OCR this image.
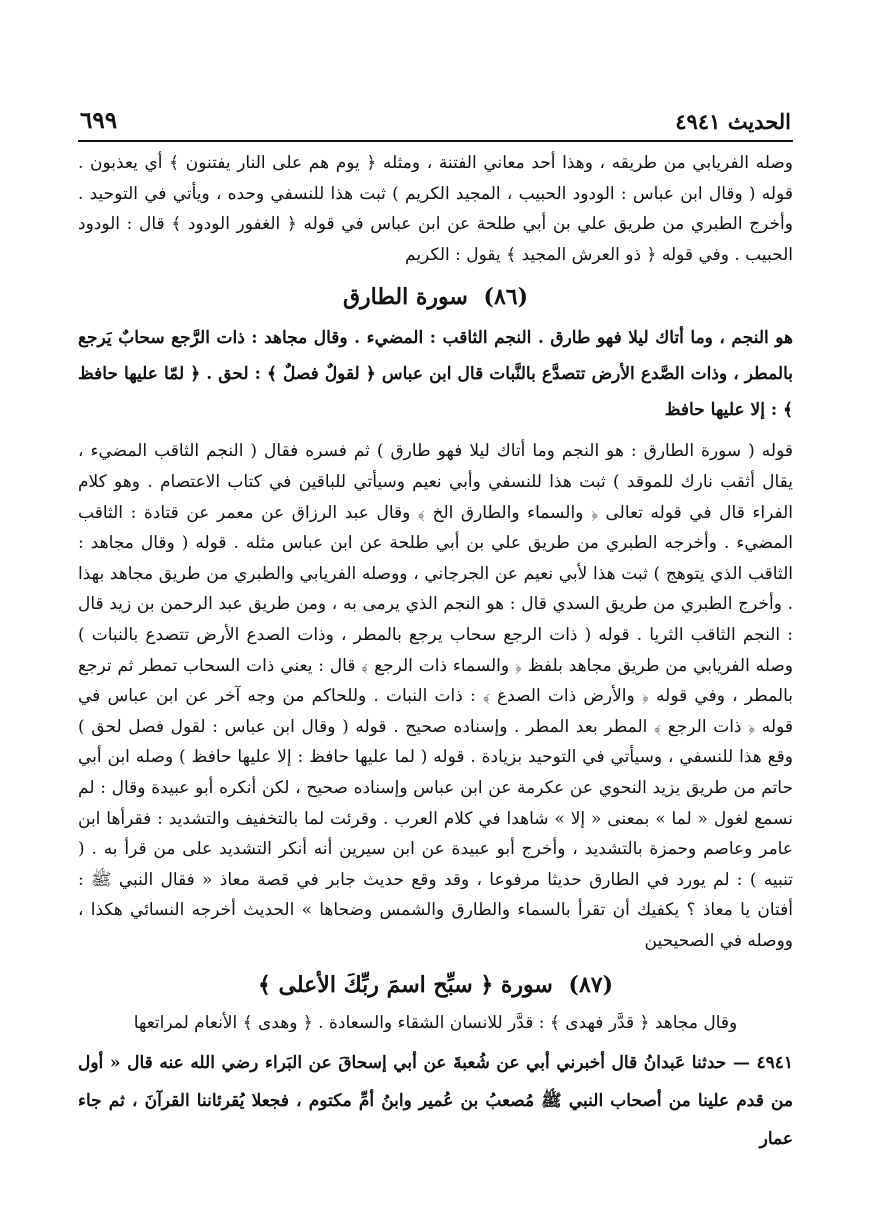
الحديث ٤٩٤١
٦٩٩

وصله الفريابي من طريقه ، وهذا أحد معاني الفتنة ، ومثله ﴿ يوم هم على النار يفتنون ﴾ أي يعذبون . قوله ( وقال ابن عباس : الودود الحبيب ، المجيد الكريم ) ثبت هذا للنسفي وحده ، ويأتي في التوحيد . وأخرج الطبري من طريق علي بن أبي طلحة عن ابن عباس في قوله ﴿ الغفور الودود ﴾ قال : الودود الحبيب . وفي قوله ﴿ ذو العرش المجيد ﴾ يقول : الكريم

(٨٦) سورة الطارق

هو النجم ، وما أتاك ليلا فهو طارق . النجم الثاقب : المضيء . وقال مجاهد : ذات الرَّجع سحابٌ يَرجع بالمطر ، وذات الصَّدع الأرض تتصدَّع بالنَّبات قال ابن عباس ﴿ لقولٌ فصلٌ ﴾ : لحق . ﴿ لمّا عليها حافظ ﴾ : إلا عليها حافظ

قوله ( سورة الطارق : هو النجم وما أتاك ليلا فهو طارق ) ثم فسره فقال ( النجم الثاقب المضيء ، يقال أثقب نارك للموقد ) ثبت هذا للنسفي وأبي نعيم وسيأتي للباقين في كتاب الاعتصام . وهو كلام الفراء قال في قوله تعالى ﴿ والسماء والطارق الخ ﴾ وقال عبد الرزاق عن معمر عن قتادة : الثاقب المضيء . وأخرجه الطبري من طريق علي بن أبي طلحة عن ابن عباس مثله . قوله ( وقال مجاهد : الثاقب الذي يتوهج ) ثبت هذا لأبي نعيم عن الجرجاني ، ووصله الفريابي والطبري من طريق مجاهد بهذا . وأخرج الطبري من طريق السدي قال : هو النجم الذي يرمى به ، ومن طريق عبد الرحمن بن زيد قال : النجم الثاقب الثريا . قوله ( ذات الرجع سحاب يرجع بالمطر ، وذات الصدع الأرض تتصدع بالنبات ) وصله الفريابي من طريق مجاهد بلفظ ﴿ والسماء ذات الرجع ﴾ قال : يعني ذات السحاب تمطر ثم ترجع بالمطر ، وفي قوله ﴿ والأرض ذات الصدع ﴾ : ذات النبات . وللحاكم من وجه آخر عن ابن عباس في قوله ﴿ ذات الرجع ﴾ المطر بعد المطر . وإسناده صحيح . قوله ( وقال ابن عباس : لقول فصل لحق ) وقع هذا للنسفي ، وسيأتي في التوحيد بزيادة . قوله ( لما عليها حافظ : إلا عليها حافظ ) وصله ابن أبي حاتم من طريق يزيد النحوي عن عكرمة عن ابن عباس وإسناده صحيح ، لكن أنكره أبو عبيدة وقال : لم نسمع لغول « لما » بمعنى « إلا » شاهدا في كلام العرب . وقرئت لما بالتخفيف والتشديد : فقرأها ابن عامر وعاصم وحمزة بالتشديد ، وأخرج أبو عبيدة عن ابن سيرين أنه أنكر التشديد على من قرأ به . ( تنبيه ) : لم يورد في الطارق حديثا مرفوعا ، وقد وقع حديث جابر في قصة معاذ « فقال النبي ﷺ : أفتان يا معاذ ؟ يكفيك أن تقرأ بالسماء والطارق والشمس وضحاها » الحديث أخرجه النسائي هكذا ، ووصله في الصحيحين

(٨٧) سورة ﴿ سبِّح اسمَ ربِّكَ الأعلى ﴾

وقال مجاهد ﴿ قدَّر فهدى ﴾ : قدَّر للانسان الشقاء والسعادة . ﴿ وهدى ﴾ الأنعام لمراتعها

٤٩٤١ — حدثنا عَبدانُ قال أخبرني أبي عن شُعبةَ عن أبي إسحاقَ عن البَراء رضي الله عنه قال « أول من قدم علينا من أصحاب النبي ﷺ مُصعبُ بن عُمير وابنُ أمِّ مكتوم ، فجعلا يُقرئاننا القرآنَ ، ثم جاء عمار
